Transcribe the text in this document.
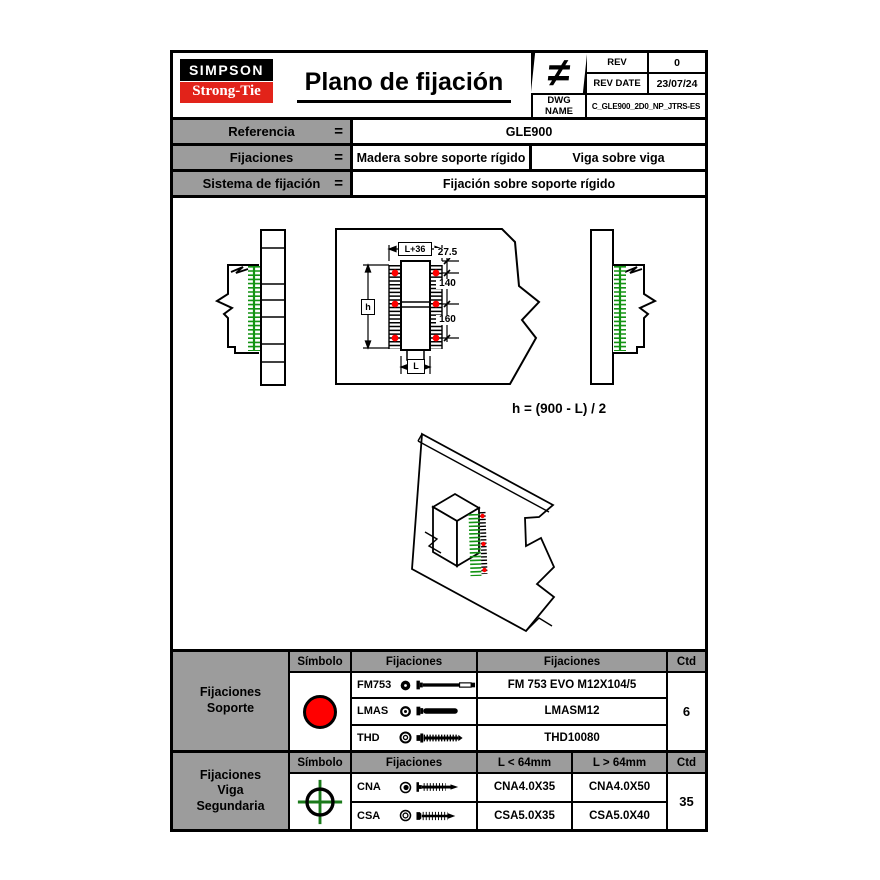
SIMPSON
Strong-Tie	Plano de fijación	≠	REV	0
REV DATE	23/07/24
DWG NAME	C_GLE900_2D0_NP_JTRS-ES
Referencia	=	GLE900
Fijaciones	= Madera sobre soporte rígido	Viga sobre viga
Sistema de fijación =	Fijación sobre soporte rígido
L+36	27.5
140
160
h
L
h = (900 - L) / 2
Fijaciones Soporte
Símbolo	Fijaciones	Fijaciones	Ctd
FM753	FM 753 EVO M12X104/5
LMAS	LMASM12
THD	THD10080
6
Fijaciones Viga Segundaria
Símbolo	Fijaciones	L < 64mm	L > 64mm	Ctd
CNA	CNA4.0X35	CNA4.0X50
CSA	CSA5.0X35	CSA5.0X40
35
